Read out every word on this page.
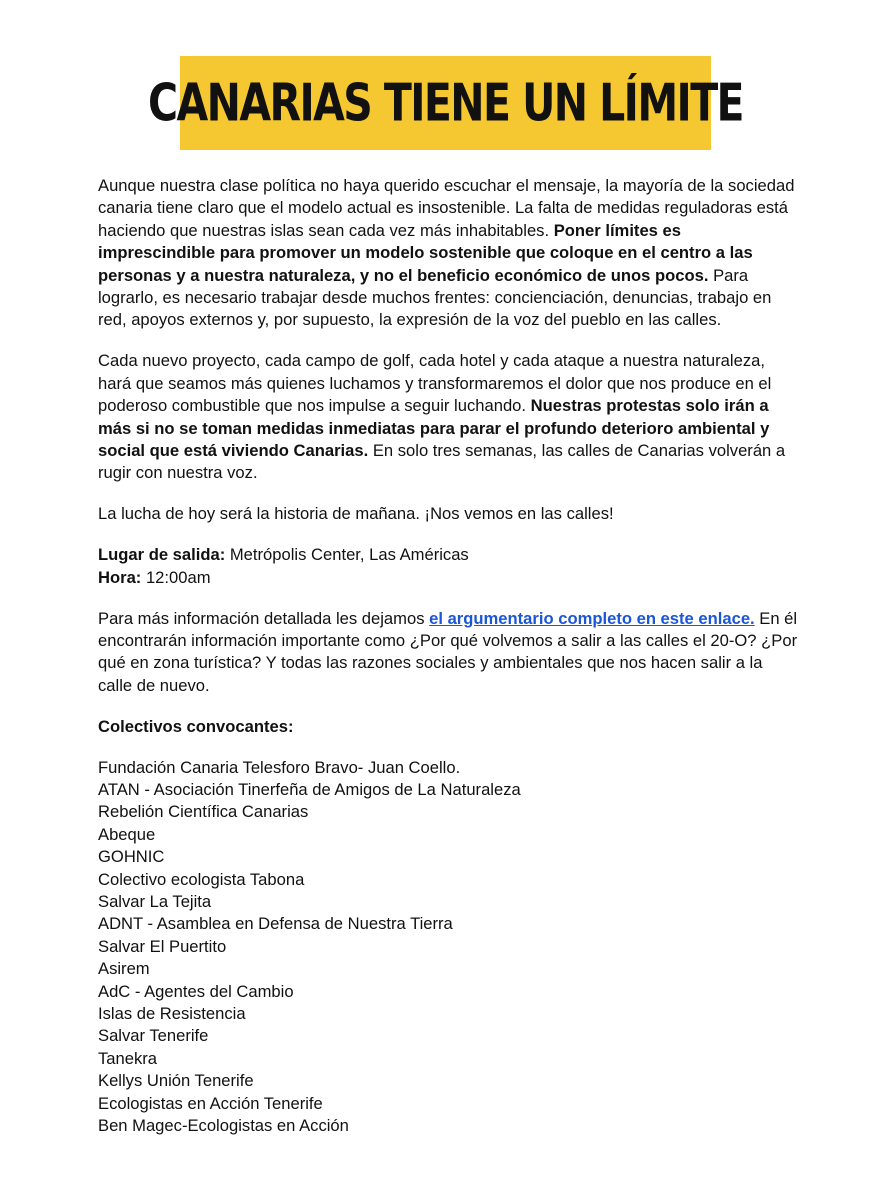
CANARIAS TIENE UN LÍMITE

Aunque nuestra clase política no haya querido escuchar el mensaje, la mayoría de la sociedad canaria tiene claro que el modelo actual es insostenible. La falta de medidas reguladoras está haciendo que nuestras islas sean cada vez más inhabitables. Poner límites es imprescindible para promover un modelo sostenible que coloque en el centro a las personas y a nuestra naturaleza, y no el beneficio económico de unos pocos. Para lograrlo, es necesario trabajar desde muchos frentes: concienciación, denuncias, trabajo en red, apoyos externos y, por supuesto, la expresión de la voz del pueblo en las calles.

Cada nuevo proyecto, cada campo de golf, cada hotel y cada ataque a nuestra naturaleza, hará que seamos más quienes luchamos y transformaremos el dolor que nos produce en el poderoso combustible que nos impulse a seguir luchando. Nuestras protestas solo irán a más si no se toman medidas inmediatas para parar el profundo deterioro ambiental y social que está viviendo Canarias. En solo tres semanas, las calles de Canarias volverán a rugir con nuestra voz.

La lucha de hoy será la historia de mañana. ¡Nos vemos en las calles!

Lugar de salida: Metrópolis Center, Las Américas
Hora: 12:00am

Para más información detallada les dejamos el argumentario completo en este enlace. En él encontrarán información importante como ¿Por qué volvemos a salir a las calles el 20-O? ¿Por qué en zona turística? Y todas las razones sociales y ambientales que nos hacen salir a la calle de nuevo.

Colectivos convocantes:

Fundación Canaria Telesforo Bravo- Juan Coello.
ATAN - Asociación Tinerfeña de Amigos de La Naturaleza
Rebelión Científica Canarias
Abeque
GOHNIC
Colectivo ecologista Tabona
Salvar La Tejita
ADNT - Asamblea en Defensa de Nuestra Tierra
Salvar El Puertito
Asirem
AdC - Agentes del Cambio
Islas de Resistencia
Salvar Tenerife
Tanekra
Kellys Unión Tenerife
Ecologistas en Acción Tenerife
Ben Magec-Ecologistas en Acción
